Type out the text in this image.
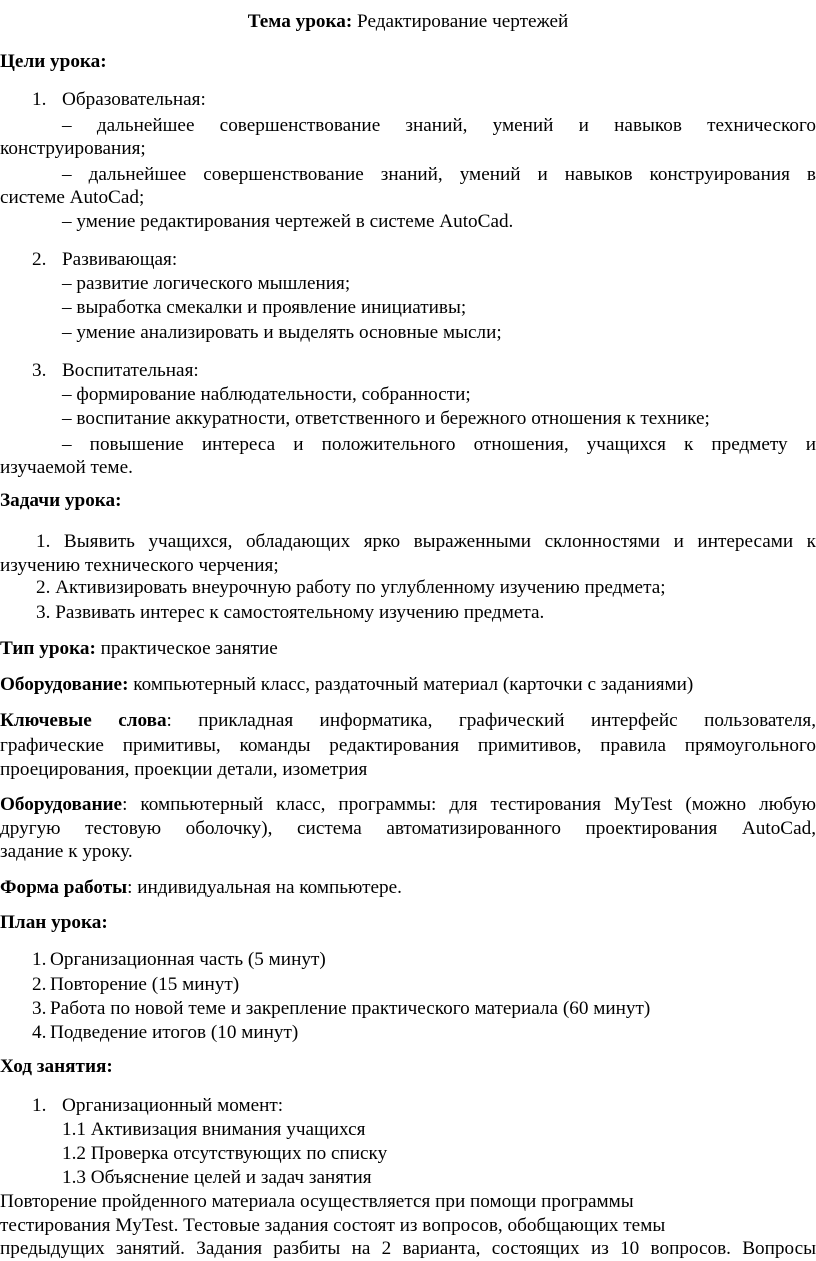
Тема урока: Редактирование чертежей
Цели урока:
1. Образовательная:
– дальнейшее совершенствование знаний, умений и навыков технического
конструирования;
– дальнейшее совершенствование знаний, умений и навыков конструирования в
системе AutoCad;
– умение редактирования чертежей в системе AutoCad.
2. Развивающая:
– развитие логического мышления;
– выработка смекалки и проявление инициативы;
– умение анализировать и выделять основные мысли;
3. Воспитательная:
– формирование наблюдательности, собранности;
– воспитание аккуратности, ответственного и бережного отношения к технике;
– повышение интереса и положительного отношения, учащихся к предмету и
изучаемой теме.
Задачи урока:
1. Выявить учащихся, обладающих ярко выраженными склонностями и интересами к
изучению технического черчения;
2. Активизировать внеурочную работу по углубленному изучению предмета;
3. Развивать интерес к самостоятельному изучению предмета.
Тип урока: практическое занятие
Оборудование: компьютерный класс, раздаточный материал (карточки с заданиями)
Ключевые слова: прикладная информатика, графический интерфейс пользователя,
графические примитивы, команды редактирования примитивов, правила прямоугольного
проецирования, проекции детали, изометрия
Оборудование: компьютерный класс, программы: для тестирования MyTest (можно любую
другую тестовую оболочку), система автоматизированного проектирования AutoCad,
задание к уроку.
Форма работы: индивидуальная на компьютере.
План урока:
1. Организационная часть (5 минут)
2. Повторение (15 минут)
3. Работа по новой теме и закрепление практического материала (60 минут)
4. Подведение итогов (10 минут)
Ход занятия:
1. Организационный момент:
1.1 Активизация внимания учащихся
1.2 Проверка отсутствующих по списку
1.3 Объяснение целей и задач занятия
Повторение пройденного материала осуществляется при помощи программы
тестирования MyTest. Тестовые задания состоят из вопросов, обобщающих темы
предыдущих занятий. Задания разбиты на 2 варианта, состоящих из 10 вопросов. Вопросы
